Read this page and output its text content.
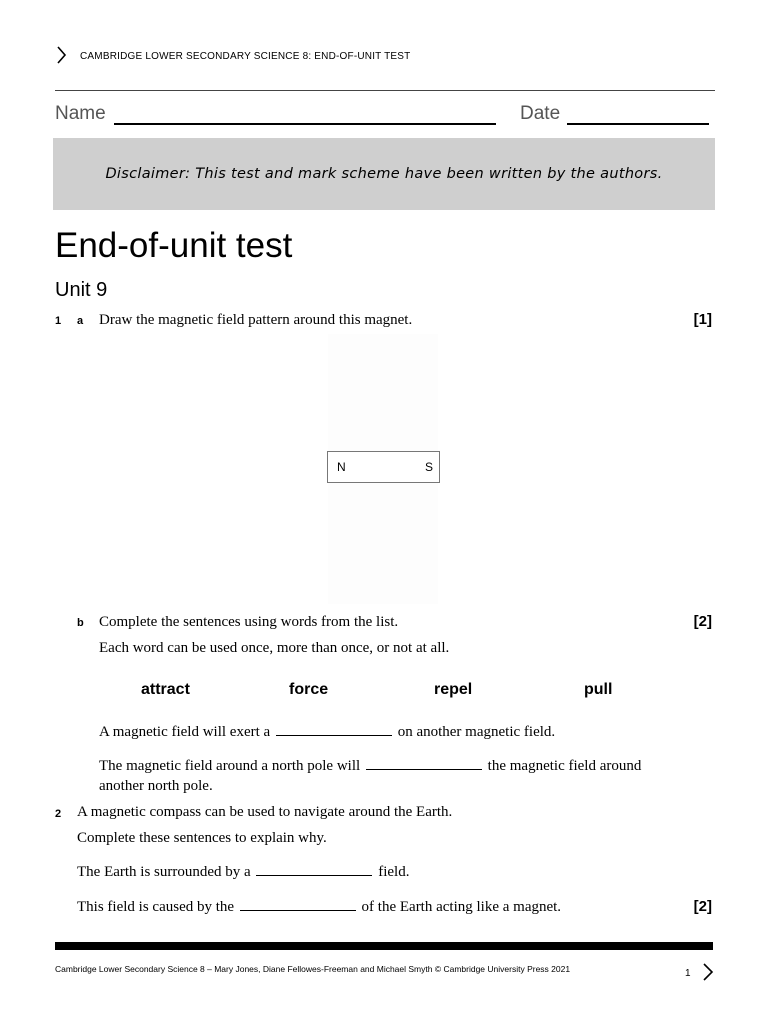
CAMBRIDGE LOWER SECONDARY SCIENCE 8: END-OF-UNIT TEST
Name	Date
Disclaimer: This test and mark scheme have been written by the authors.
End-of-unit test
Unit 9
1 a Draw the magnetic field pattern around this magnet.	[1]
N	S
b Complete the sentences using words from the list.	[2]
Each word can be used once, more than once, or not at all.
attract	force	repel	pull
A magnetic field will exert a	on another magnetic field.
The magnetic field around a north pole will	the magnetic field around
another north pole.
2 A magnetic compass can be used to navigate around the Earth.
Complete these sentences to explain why.
The Earth is surrounded by a	field.
This field is caused by the	of the Earth acting like a magnet.	[2]
Cambridge Lower Secondary Science 8 – Mary Jones, Diane Fellowes-Freeman and Michael Smyth © Cambridge University Press 2021	1
